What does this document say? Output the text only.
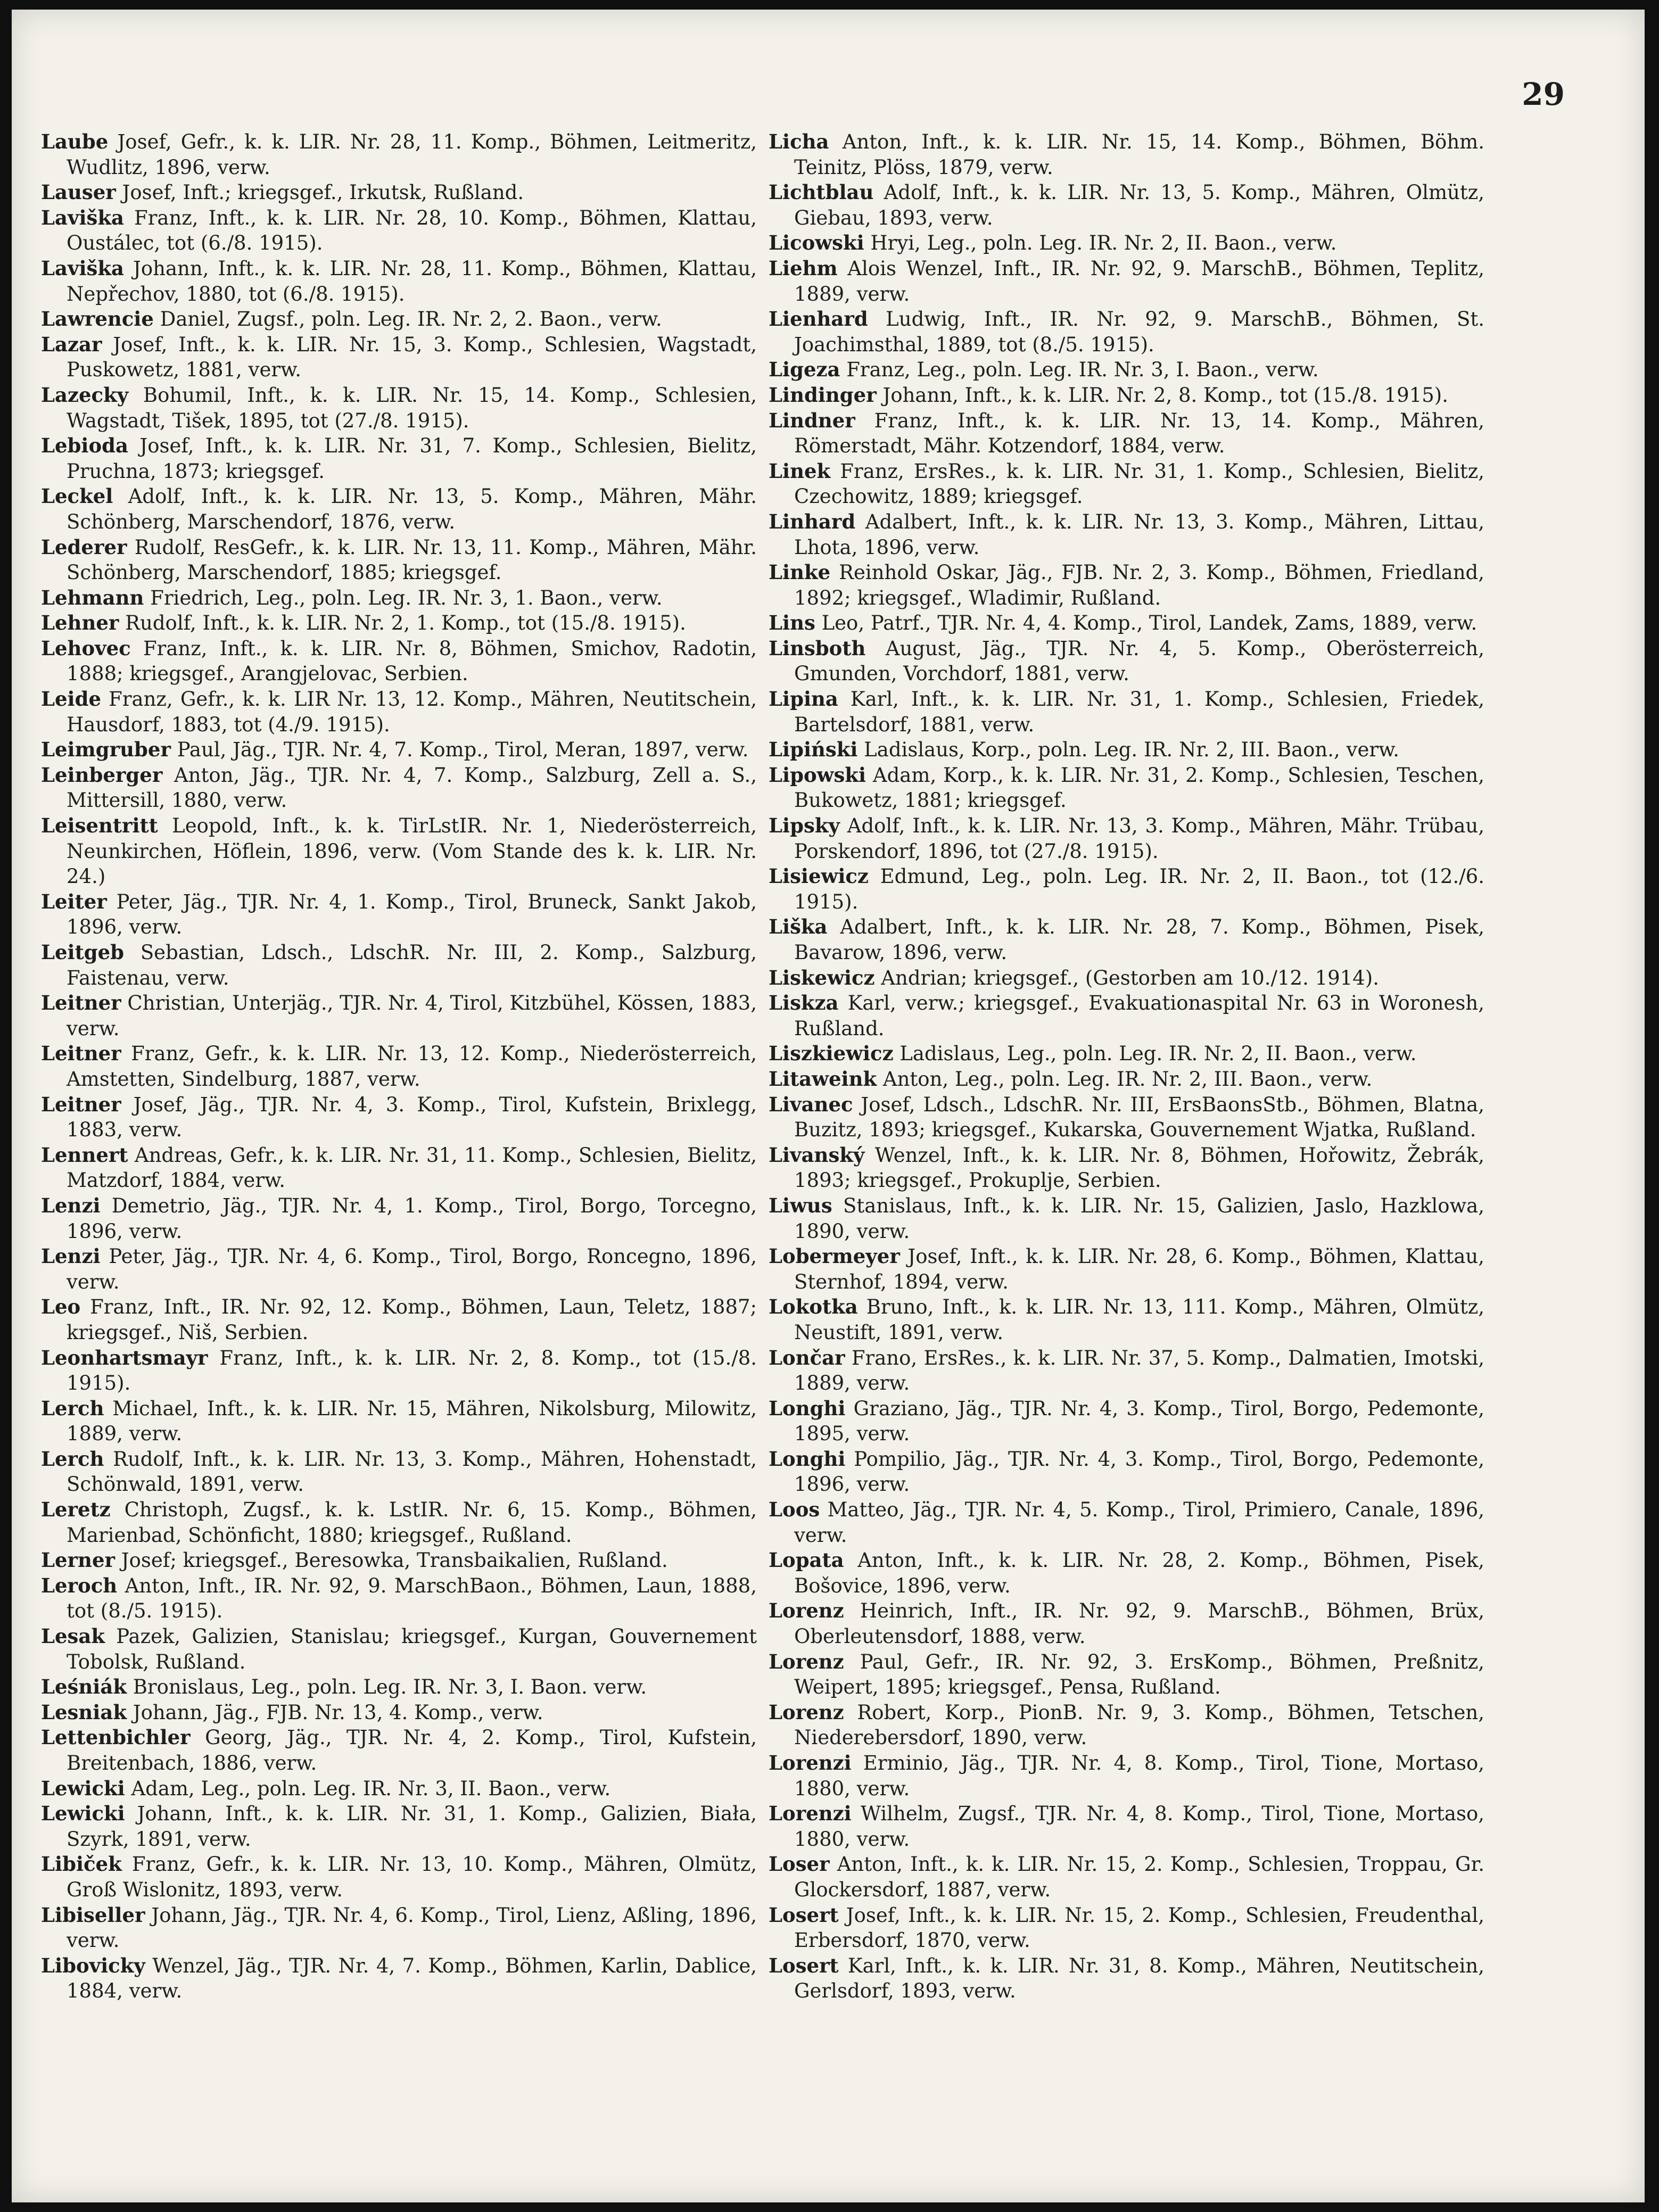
29

Laube Josef, Gefr., k. k. LIR. Nr. 28, 11. Komp., Böhmen, Leitmeritz, Wudlitz, 1896, verw.

Lauser Josef, Inft.; kriegsgef., Irkutsk, Rußland.

Laviška Franz, Inft., k. k. LIR. Nr. 28, 10. Komp., Böhmen, Klattau, Oustálec, tot (6./8. 1915).

Laviška Johann, Inft., k. k. LIR. Nr. 28, 11. Komp., Böhmen, Klattau, Nepřechov, 1880, tot (6./8. 1915).

Lawrencie Daniel, Zugsf., poln. Leg. IR. Nr. 2, 2. Baon., verw.

Lazar Josef, Inft., k. k. LIR. Nr. 15, 3. Komp., Schlesien, Wagstadt, Puskowetz, 1881, verw.

Lazecky Bohumil, Inft., k. k. LIR. Nr. 15, 14. Komp., Schlesien, Wagstadt, Tišek, 1895, tot (27./8. 1915).

Lebioda Josef, Inft., k. k. LIR. Nr. 31, 7. Komp., Schlesien, Bielitz, Pruchna, 1873; kriegsgef.

Leckel Adolf, Inft., k. k. LIR. Nr. 13, 5. Komp., Mähren, Mähr. Schönberg, Marschendorf, 1876, verw.

Lederer Rudolf, ResGefr., k. k. LIR. Nr. 13, 11. Komp., Mähren, Mähr. Schönberg, Marschendorf, 1885; kriegsgef.

Lehmann Friedrich, Leg., poln. Leg. IR. Nr. 3, 1. Baon., verw.

Lehner Rudolf, Inft., k. k. LIR. Nr. 2, 1. Komp., tot (15./8. 1915).

Lehovec Franz, Inft., k. k. LIR. Nr. 8, Böhmen, Smichov, Radotin, 1888; kriegsgef., Arangjelovac, Serbien.

Leide Franz, Gefr., k. k. LIR Nr. 13, 12. Komp., Mähren, Neutitschein, Hausdorf, 1883, tot (4./9. 1915).

Leimgruber Paul, Jäg., TJR. Nr. 4, 7. Komp., Tirol, Meran, 1897, verw.

Leinberger Anton, Jäg., TJR. Nr. 4, 7. Komp., Salzburg, Zell a. S., Mittersill, 1880, verw.

Leisentritt Leopold, Inft., k. k. TirLstIR. Nr. 1, Niederösterreich, Neunkirchen, Höflein, 1896, verw. (Vom Stande des k. k. LIR. Nr. 24.)

Leiter Peter, Jäg., TJR. Nr. 4, 1. Komp., Tirol, Bruneck, Sankt Jakob, 1896, verw.

Leitgeb Sebastian, Ldsch., LdschR. Nr. III, 2. Komp., Salzburg, Faistenau, verw.

Leitner Christian, Unterjäg., TJR. Nr. 4, Tirol, Kitzbühel, Kössen, 1883, verw.

Leitner Franz, Gefr., k. k. LIR. Nr. 13, 12. Komp., Niederösterreich, Amstetten, Sindelburg, 1887, verw.

Leitner Josef, Jäg., TJR. Nr. 4, 3. Komp., Tirol, Kufstein, Brixlegg, 1883, verw.

Lennert Andreas, Gefr., k. k. LIR. Nr. 31, 11. Komp., Schlesien, Bielitz, Matzdorf, 1884, verw.

Lenzi Demetrio, Jäg., TJR. Nr. 4, 1. Komp., Tirol, Borgo, Torcegno, 1896, verw.

Lenzi Peter, Jäg., TJR. Nr. 4, 6. Komp., Tirol, Borgo, Roncegno, 1896, verw.

Leo Franz, Inft., IR. Nr. 92, 12. Komp., Böhmen, Laun, Teletz, 1887; kriegsgef., Niš, Serbien.

Leonhartsmayr Franz, Inft., k. k. LIR. Nr. 2, 8. Komp., tot (15./8. 1915).

Lerch Michael, Inft., k. k. LIR. Nr. 15, Mähren, Nikolsburg, Milowitz, 1889, verw.

Lerch Rudolf, Inft., k. k. LIR. Nr. 13, 3. Komp., Mähren, Hohenstadt, Schönwald, 1891, verw.

Leretz Christoph, Zugsf., k. k. LstIR. Nr. 6, 15. Komp., Böhmen, Marienbad, Schönficht, 1880; kriegsgef., Rußland.

Lerner Josef; kriegsgef., Beresowka, Transbaikalien, Rußland.

Leroch Anton, Inft., IR. Nr. 92, 9. MarschBaon., Böhmen, Laun, 1888, tot (8./5. 1915).

Lesak Pazek, Galizien, Stanislau; kriegsgef., Kurgan, Gouvernement Tobolsk, Rußland.

Leśniák Bronislaus, Leg., poln. Leg. IR. Nr. 3, I. Baon. verw.

Lesniak Johann, Jäg., FJB. Nr. 13, 4. Komp., verw.

Lettenbichler Georg, Jäg., TJR. Nr. 4, 2. Komp., Tirol, Kufstein, Breitenbach, 1886, verw.

Lewicki Adam, Leg., poln. Leg. IR. Nr. 3, II. Baon., verw.

Lewicki Johann, Inft., k. k. LIR. Nr. 31, 1. Komp., Galizien, Biała, Szyrk, 1891, verw.

Libiček Franz, Gefr., k. k. LIR. Nr. 13, 10. Komp., Mähren, Olmütz, Groß Wislonitz, 1893, verw.

Libiseller Johann, Jäg., TJR. Nr. 4, 6. Komp., Tirol, Lienz, Aßling, 1896, verw.

Libovicky Wenzel, Jäg., TJR. Nr. 4, 7. Komp., Böhmen, Karlin, Dablice, 1884, verw.

Licha Anton, Inft., k. k. LIR. Nr. 15, 14. Komp., Böhmen, Böhm. Teinitz, Plöss, 1879, verw.

Lichtblau Adolf, Inft., k. k. LIR. Nr. 13, 5. Komp., Mähren, Olmütz, Giebau, 1893, verw.

Licowski Hryi, Leg., poln. Leg. IR. Nr. 2, II. Baon., verw.

Liehm Alois Wenzel, Inft., IR. Nr. 92, 9. MarschB., Böhmen, Teplitz, 1889, verw.

Lienhard Ludwig, Inft., IR. Nr. 92, 9. MarschB., Böhmen, St. Joachimsthal, 1889, tot (8./5. 1915).

Ligeza Franz, Leg., poln. Leg. IR. Nr. 3, I. Baon., verw.

Lindinger Johann, Inft., k. k. LIR. Nr. 2, 8. Komp., tot (15./8. 1915).

Lindner Franz, Inft., k. k. LIR. Nr. 13, 14. Komp., Mähren, Römerstadt, Mähr. Kotzendorf, 1884, verw.

Linek Franz, ErsRes., k. k. LIR. Nr. 31, 1. Komp., Schlesien, Bielitz, Czechowitz, 1889; kriegsgef.

Linhard Adalbert, Inft., k. k. LIR. Nr. 13, 3. Komp., Mähren, Littau, Lhota, 1896, verw.

Linke Reinhold Oskar, Jäg., FJB. Nr. 2, 3. Komp., Böhmen, Friedland, 1892; kriegsgef., Wladimir, Rußland.

Lins Leo, Patrf., TJR. Nr. 4, 4. Komp., Tirol, Landek, Zams, 1889, verw.

Linsboth August, Jäg., TJR. Nr. 4, 5. Komp., Oberösterreich, Gmunden, Vorchdorf, 1881, verw.

Lipina Karl, Inft., k. k. LIR. Nr. 31, 1. Komp., Schlesien, Friedek, Bartelsdorf, 1881, verw.

Lipiński Ladislaus, Korp., poln. Leg. IR. Nr. 2, III. Baon., verw.

Lipowski Adam, Korp., k. k. LIR. Nr. 31, 2. Komp., Schlesien, Teschen, Bukowetz, 1881; kriegsgef.

Lipsky Adolf, Inft., k. k. LIR. Nr. 13, 3. Komp., Mähren, Mähr. Trübau, Porskendorf, 1896, tot (27./8. 1915).

Lisiewicz Edmund, Leg., poln. Leg. IR. Nr. 2, II. Baon., tot (12./6. 1915).

Liška Adalbert, Inft., k. k. LIR. Nr. 28, 7. Komp., Böhmen, Pisek, Bavarow, 1896, verw.

Liskewicz Andrian; kriegsgef., (Gestorben am 10./12. 1914).

Liskza Karl, verw.; kriegsgef., Evakuationaspital Nr. 63 in Woronesh, Rußland.

Liszkiewicz Ladislaus, Leg., poln. Leg. IR. Nr. 2, II. Baon., verw.

Litaweink Anton, Leg., poln. Leg. IR. Nr. 2, III. Baon., verw.

Livanec Josef, Ldsch., LdschR. Nr. III, ErsBaonsStb., Böhmen, Blatna, Buzitz, 1893; kriegsgef., Kukarska, Gouvernement Wjatka, Rußland.

Livanský Wenzel, Inft., k. k. LIR. Nr. 8, Böhmen, Hořowitz, Žebrák, 1893; kriegsgef., Prokuplje, Serbien.

Liwus Stanislaus, Inft., k. k. LIR. Nr. 15, Galizien, Jaslo, Hazklowa, 1890, verw.

Lobermeyer Josef, Inft., k. k. LIR. Nr. 28, 6. Komp., Böhmen, Klattau, Sternhof, 1894, verw.

Lokotka Bruno, Inft., k. k. LIR. Nr. 13, 111. Komp., Mähren, Olmütz, Neustift, 1891, verw.

Lončar Frano, ErsRes., k. k. LIR. Nr. 37, 5. Komp., Dalmatien, Imotski, 1889, verw.

Longhi Graziano, Jäg., TJR. Nr. 4, 3. Komp., Tirol, Borgo, Pedemonte, 1895, verw.

Longhi Pompilio, Jäg., TJR. Nr. 4, 3. Komp., Tirol, Borgo, Pedemonte, 1896, verw.

Loos Matteo, Jäg., TJR. Nr. 4, 5. Komp., Tirol, Primiero, Canale, 1896, verw.

Lopata Anton, Inft., k. k. LIR. Nr. 28, 2. Komp., Böhmen, Pisek, Bošovice, 1896, verw.

Lorenz Heinrich, Inft., IR. Nr. 92, 9. MarschB., Böhmen, Brüx, Oberleutensdorf, 1888, verw.

Lorenz Paul, Gefr., IR. Nr. 92, 3. ErsKomp., Böhmen, Preßnitz, Weipert, 1895; kriegsgef., Pensa, Rußland.

Lorenz Robert, Korp., PionB. Nr. 9, 3. Komp., Böhmen, Tetschen, Niederebersdorf, 1890, verw.

Lorenzi Erminio, Jäg., TJR. Nr. 4, 8. Komp., Tirol, Tione, Mortaso, 1880, verw.

Lorenzi Wilhelm, Zugsf., TJR. Nr. 4, 8. Komp., Tirol, Tione, Mortaso, 1880, verw.

Loser Anton, Inft., k. k. LIR. Nr. 15, 2. Komp., Schlesien, Troppau, Gr. Glockersdorf, 1887, verw.

Losert Josef, Inft., k. k. LIR. Nr. 15, 2. Komp., Schlesien, Freudenthal, Erbersdorf, 1870, verw.

Losert Karl, Inft., k. k. LIR. Nr. 31, 8. Komp., Mähren, Neutitschein, Gerlsdorf, 1893, verw.
